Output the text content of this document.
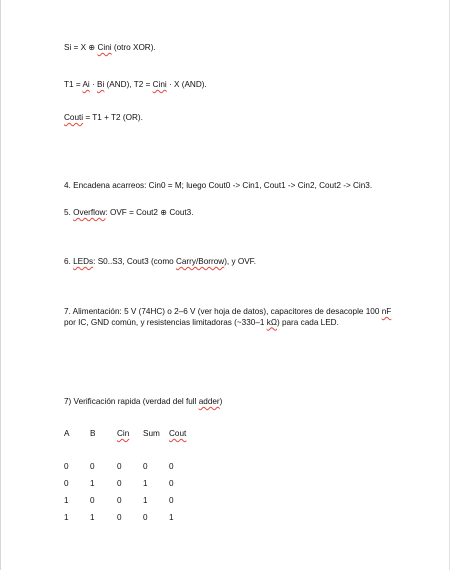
Si = X ⊕ Cini (otro XOR).
T1 = Ai · Bi (AND), T2 = Cini · X (AND).
Couti = T1 + T2 (OR).
4. Encadena acarreos: Cin0 = M; luego Cout0 -> Cin1, Cout1 -> Cin2, Cout2 -> Cin3.
5. Overflow: OVF = Cout2 ⊕ Cout3.
6. LEDs: S0..S3, Cout3 (como Carry/Borrow), y OVF.
7. Alimentación: 5 V (74HC) o 2–6 V (ver hoja de datos), capacitores de desacople 100 nF por IC, GND común, y resistencias limitadoras (~330–1 kΩ) para cada LED.
7) Verificación rapida (verdad del full adder)
A	B	Cin Sum Cout
0	0	0	0	0
0	1	0	1	0
1	0	0	1	0
1	1	0	0	1
